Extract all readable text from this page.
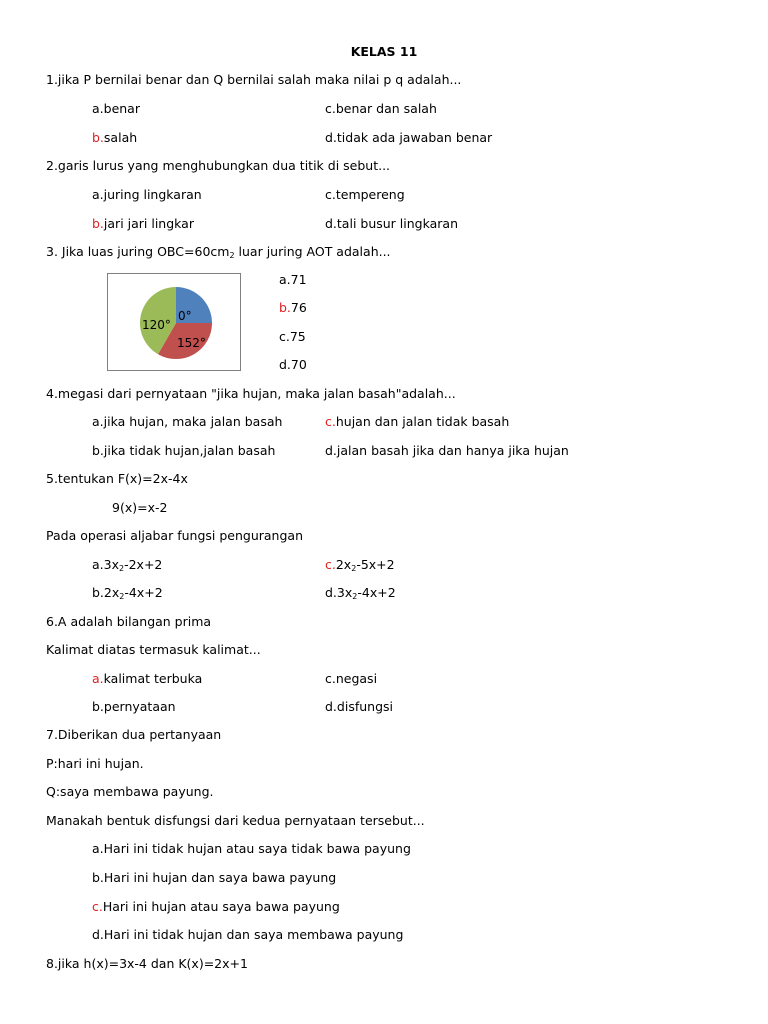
KELAS 11
1.jika P bernilai benar dan Q bernilai salah maka nilai p q adalah...
a.benar	c.benar dan salah
b.salah	d.tidak ada jawaban benar
2.garis lurus yang menghubungkan dua titik di sebut...
a.juring lingkaran	c.tempereng
b.jari jari lingkar	d.tali busur lingkaran
3. Jika luas juring $OBC=60cm_2$ luar juring AOT adalah...
0°
120°
152°
a.71
b.76
c.75
d.70
4.megasi dari pernyataan "jika hujan, maka jalan basah"adalah...
a.jika hujan, maka jalan basah	c.hujan dan jalan tidak basah
b.jika tidak hujan,jalan basah	d.jalan basah jika dan hanya jika hujan
5.tentukan F(x)=2x-4x
9(x)=x-2
Pada operasi aljabar fungsi pengurangan
$a.3x_2-2x+2$	$c.2x_2-5x+2$
$b.2x_2-4x+2$	$d.3x_2-4x+2$
6.A adalah bilangan prima
Kalimat diatas termasuk kalimat...
a.kalimat terbuka	c.negasi
b.pernyataan	d.disfungsi
7.Diberikan dua pertanyaan
P:hari ini hujan.
Q:saya membawa payung.
Manakah bentuk disfungsi dari kedua pernyataan tersebut...
a.Hari ini tidak hujan atau saya tidak bawa payung
b.Hari ini hujan dan saya bawa payung
c.Hari ini hujan atau saya bawa payung
d.Hari ini tidak hujan dan saya membawa payung
8.jika h(x)=3x-4 dan K(x)=2x+1
